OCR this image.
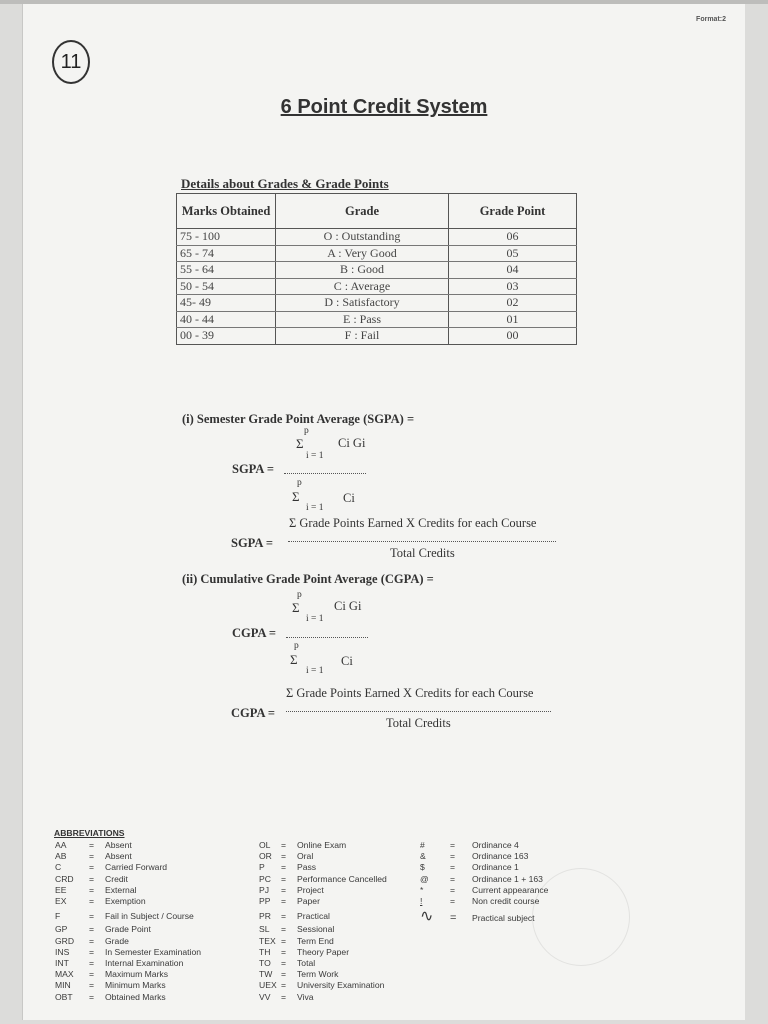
Format:2
11
6 Point Credit System
Details about Grades & Grade Points
Marks Obtained	Grade	Grade Point
75 - 100	O : Outstanding	06
65 - 74	A : Very Good	05
55 - 64	B : Good	04
50 - 54	C : Average	03
45- 49	D : Satisfactory	02
40 - 44	E : Pass	01
00 - 39	F : Fail	00
(i) Semester Grade Point Average (SGPA) =
p
Σ	Ci Gi
i = 1
SGPA =
p
Σ	Ci
i = 1
Σ Grade Points Earned X Credits for each Course
SGPA =
Total Credits
(ii) Cumulative Grade Point Average (CGPA) =
p
Σ	Ci Gi
i = 1
CGPA =
p
Σ	Ci
i = 1
Σ Grade Points Earned X Credits for each Course
CGPA =
Total Credits
ABBREVIATIONS
AA	= Absent
AB	= Absent
C	= Carried Forward
CRD = Credit
EE	= External
EX	= Exemption
F	= Fail in Subject / Course
GP	= Grade Point
GRD = Grade
INS = In Semester Examination
INT = Internal Examination
MAX = Maximum Marks
MIN = Minimum Marks
OBT = Obtained Marks
OL = Online Exam
OR = Oral
P = Pass
PC = Performance Cancelled
PJ = Project
PP = Paper
PR = Practical
SL = Sessional
TEX = Term End
TH = Theory Paper
TO = Total
TW = Term Work
UEX = University Examination
VV = Viva
#	= Ordinance 4
&	= Ordinance 163
$	= Ordinance 1
@ = Ordinance 1 + 163
*	= Current appearance
!	= Non credit course
∿ = Practical subject
